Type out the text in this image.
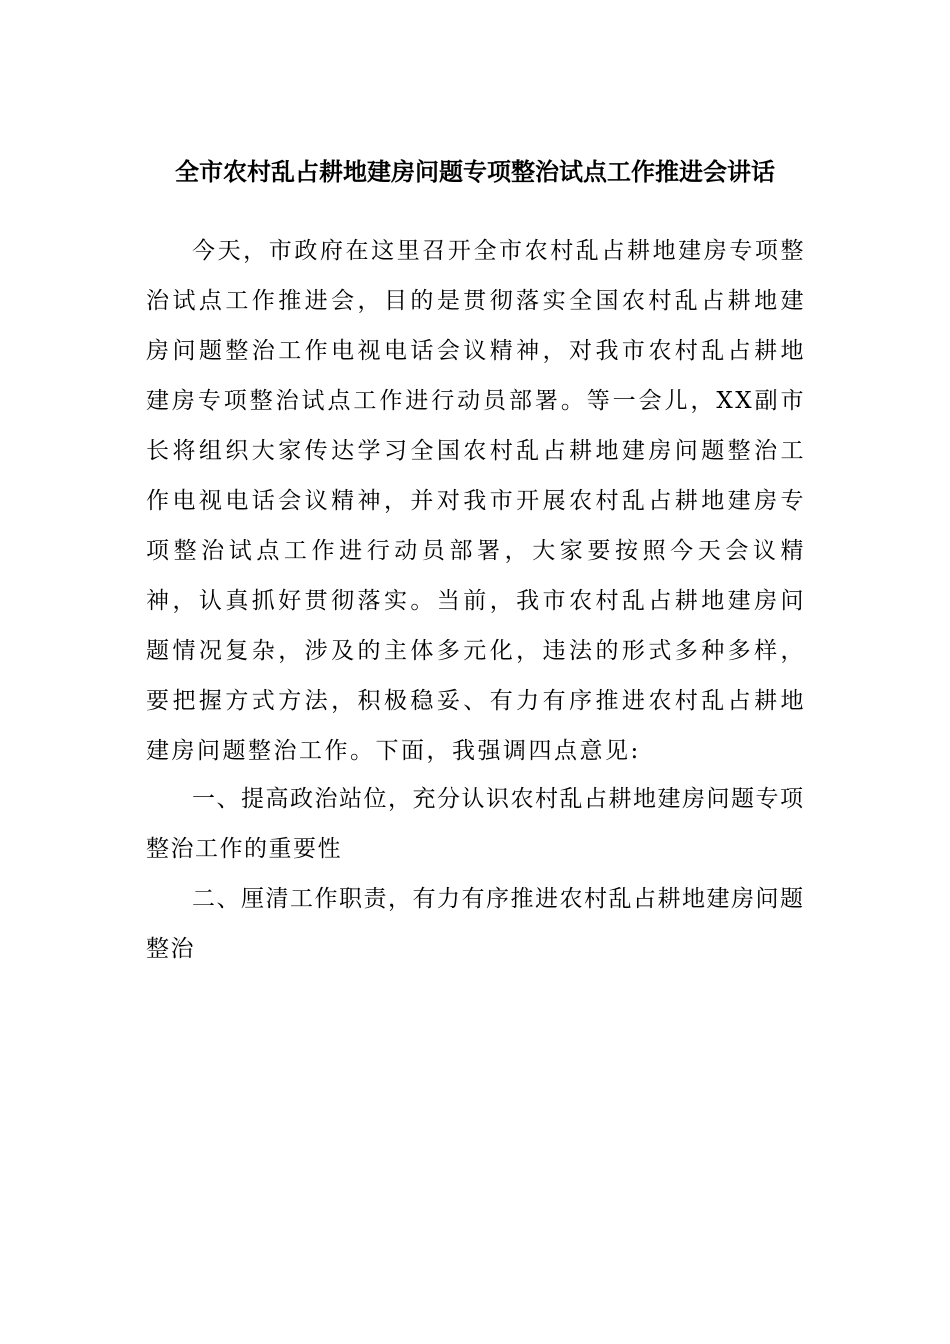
全市农村乱占耕地建房问题专项整治试点工作推进会讲话

今天，市政府在这里召开全市农村乱占耕地建房专项整治试点工作推进会，目的是贯彻落实全国农村乱占耕地建房问题整治工作电视电话会议精神，对我市农村乱占耕地建房专项整治试点工作进行动员部署。等一会儿，XX副市长将组织大家传达学习全国农村乱占耕地建房问题整治工作电视电话会议精神，并对我市开展农村乱占耕地建房专项整治试点工作进行动员部署，大家要按照今天会议精神，认真抓好贯彻落实。当前，我市农村乱占耕地建房问题情况复杂，涉及的主体多元化，违法的形式多种多样，要把握方式方法，积极稳妥、有力有序推进农村乱占耕地建房问题整治工作。下面，我强调四点意见:

一、提高政治站位，充分认识农村乱占耕地建房问题专项整治工作的重要性

二、厘清工作职责，有力有序推进农村乱占耕地建房问题整治
